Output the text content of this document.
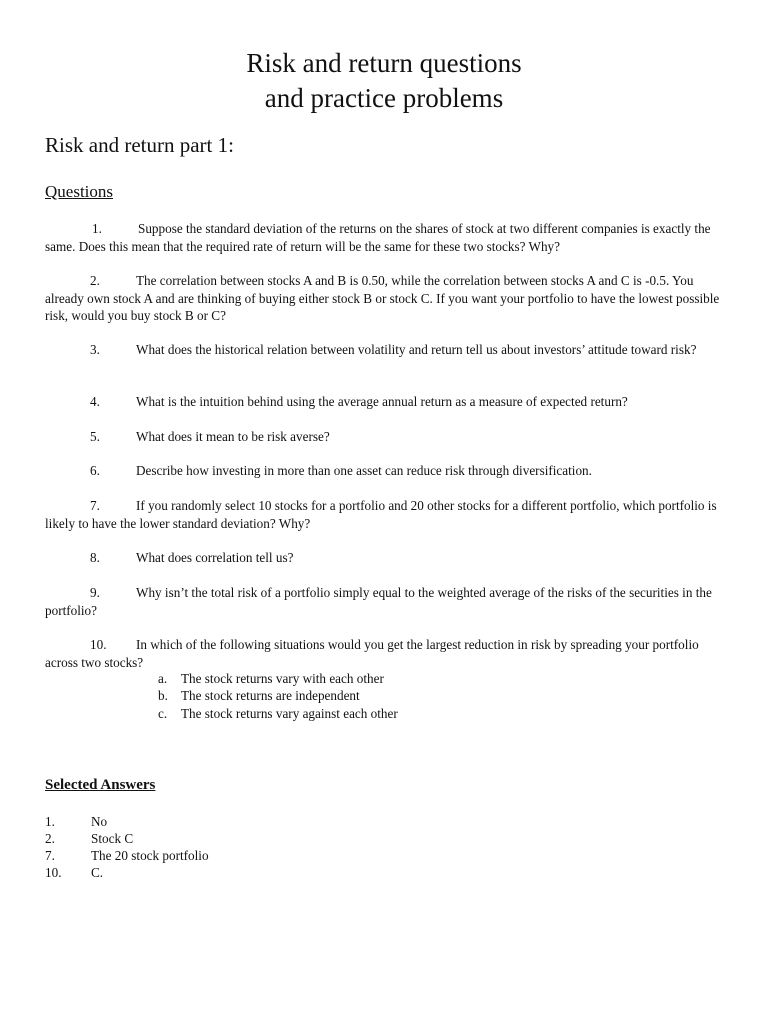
Risk and return questions
and practice problems
Risk and return part 1:
Questions
1.	Suppose the standard deviation of the returns on the shares of stock at two different companies is exactly the same. Does this mean that the required rate of return will be the same for these two stocks? Why?
2.	The correlation between stocks A and B is 0.50, while the correlation between stocks A and C is -0.5. You already own stock A and are thinking of buying either stock B or stock C. If you want your portfolio to have the lowest possible risk, would you buy stock B or C?
3.	What does the historical relation between volatility and return tell us about investors’ attitude toward risk?
4.	What is the intuition behind using the average annual return as a measure of expected return?
5.	What does it mean to be risk averse?
6.	Describe how investing in more than one asset can reduce risk through diversification.
7.	If you randomly select 10 stocks for a portfolio and 20 other stocks for a different portfolio, which portfolio is likely to have the lower standard deviation? Why?
8.	What does correlation tell us?
9.	Why isn’t the total risk of a portfolio simply equal to the weighted average of the risks of the securities in the portfolio?
10. In which of the following situations would you get the largest reduction in risk by spreading your portfolio across two stocks?
a. The stock returns vary with each other
b. The stock returns are independent
c. The stock returns vary against each other
Selected Answers
1.	No
2.	Stock C
7.	The 20 stock portfolio
10. C.
